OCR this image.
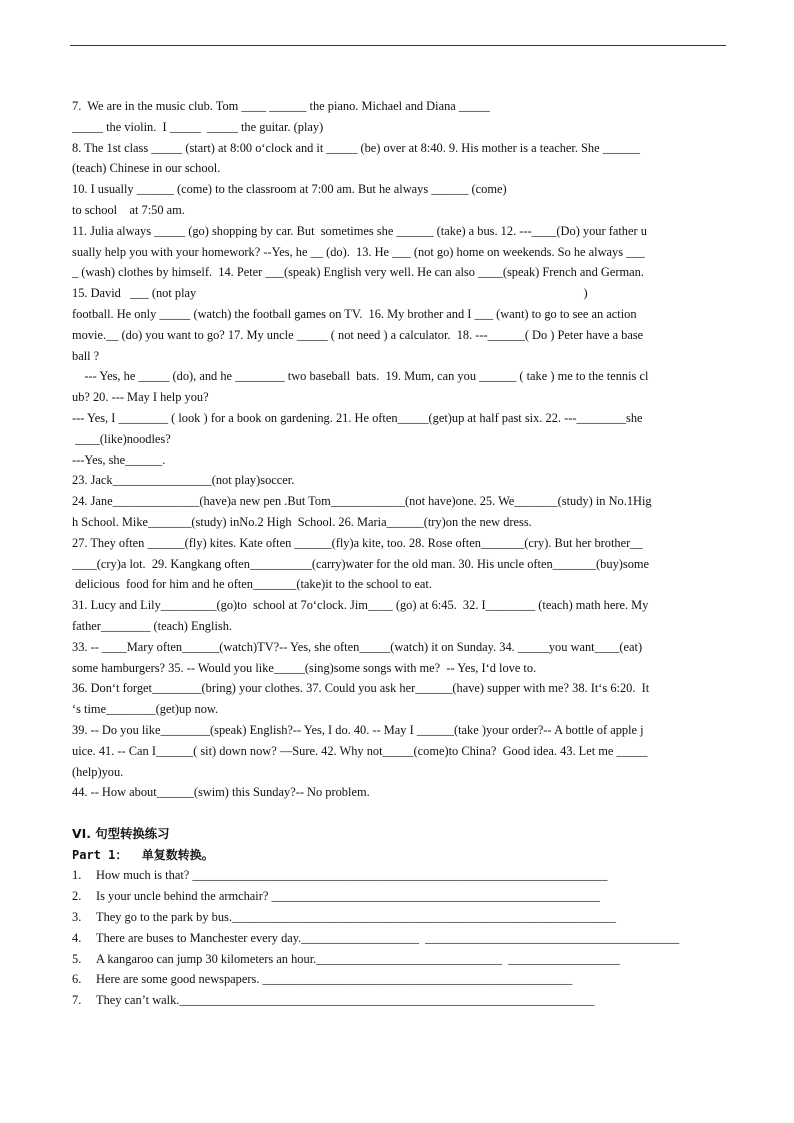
7.  We are in the music club. Tom ____ ______ the piano. Michael and Diana _____
_____ the violin.  I _____  _____ the guitar. (play)
8. The 1st class _____ (start) at 8:00 o‘clock and it _____ (be) over at 8:40. 9. His mother is a teacher. She ______
(teach) Chinese in our school.
10. I usually ______ (come) to the classroom at 7:00 am. But he always ______ (come)
to school    at 7:50 am.
11. Julia always _____ (go) shopping by car. But  sometimes she ______ (take) a bus. 12. ---____(Do) your father u
sually help you with your homework? --Yes, he __ (do).  13. He ___ (not go) home on weekends. So he always ___
_ (wash) clothes by himself.  14. Peter ___(speak) English very well. He can also ____(speak) French and German.
15. David   ___ (not play                                                                                                                             )
football. He only _____ (watch) the football games on TV.  16. My brother and I ___ (want) to go to see an action
movie.__ (do) you want to go? 17. My uncle _____ ( not need ) a calculator.  18. ---______( Do ) Peter have a base
ball ?
--- Yes, he _____ (do), and he ________ two baseball  bats.  19. Mum, can you ______ ( take ) me to the tennis cl
ub? 20. --- May I help you?
--- Yes, I ________ ( look ) for a book on gardening. 21. He often_____(get)up at half past six. 22. ---________she
____(like)noodles?
---Yes, she______.
23. Jack________________(not play)soccer.
24. Jane______________(have)a new pen .But Tom____________(not have)one. 25. We_______(study) in No.1Hig
h School. Mike_______(study) inNo.2 High  School. 26. Maria______(try)on the new dress.
27. They often ______(fly) kites. Kate often ______(fly)a kite, too. 28. Rose often_______(cry). But her brother__
____(cry)a lot.  29. Kangkang often__________(carry)water for the old man. 30. His uncle often_______(buy)some
delicious  food for him and he often_______(take)it to the school to eat.
31. Lucy and Lily_________(go)to  school at 7o‘clock. Jim____ (go) at 6:45.  32. I________ (teach) math here. My
father________ (teach) English.
33. -- ____Mary often______(watch)TV?-- Yes, she often_____(watch) it on Sunday. 34. _____you want____(eat)
some hamburgers? 35. -- Would you like_____(sing)some songs with me?  -- Yes, I‘d love to.
36. Don‘t forget________(bring) your clothes. 37. Could you ask her______(have) supper with me? 38. It‘s 6:20.  It
‘s time________(get)up now.
39. -- Do you like________(speak) English?-- Yes, I do. 40. -- May I ______(take )your order?-- A bottle of apple j
uice. 41. -- Can I______( sit) down now? —Sure. 42. Why not_____(come)to China?  Good idea. 43. Let me _____
(help)you.
44. -- How about______(swim) this Sunday?-- No problem.
VI. 句型转换练习
Part 1：  单复数转换。
1. How much is that? ___________________________________________________________________
2. Is your uncle behind the armchair? _____________________________________________________
3. They go to the park by bus.______________________________________________________________
4. There are buses to Manchester every day.___________________  _________________________________________
5. A kangaroo can jump 30 kilometers an hour.______________________________  __________________
6. Here are some good newspapers. __________________________________________________
7. They can’t walk.___________________________________________________________________
